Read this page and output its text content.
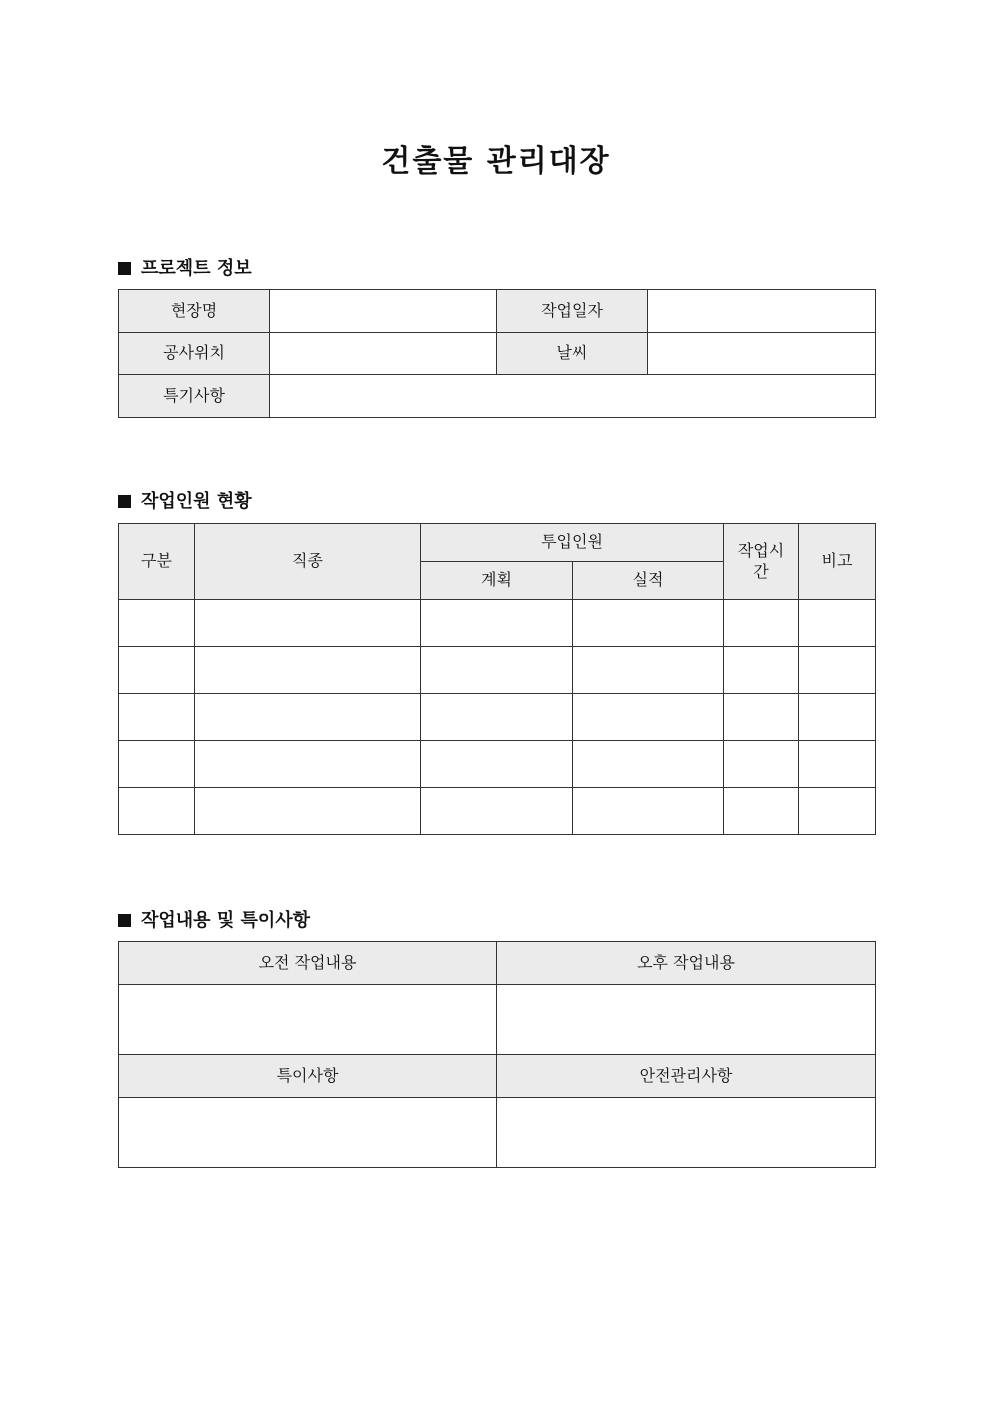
건출물 관리대장
프로젝트 정보
현장명		작업일자	
공사위치		날씨	
특기사항			
작업인원 현황
구분	직종	투입인원		작업시간	비고
		계획	실적		

작업내용 및 특이사항
오전 작업내용	오후 작업내용

특이사항	안전관리사항
